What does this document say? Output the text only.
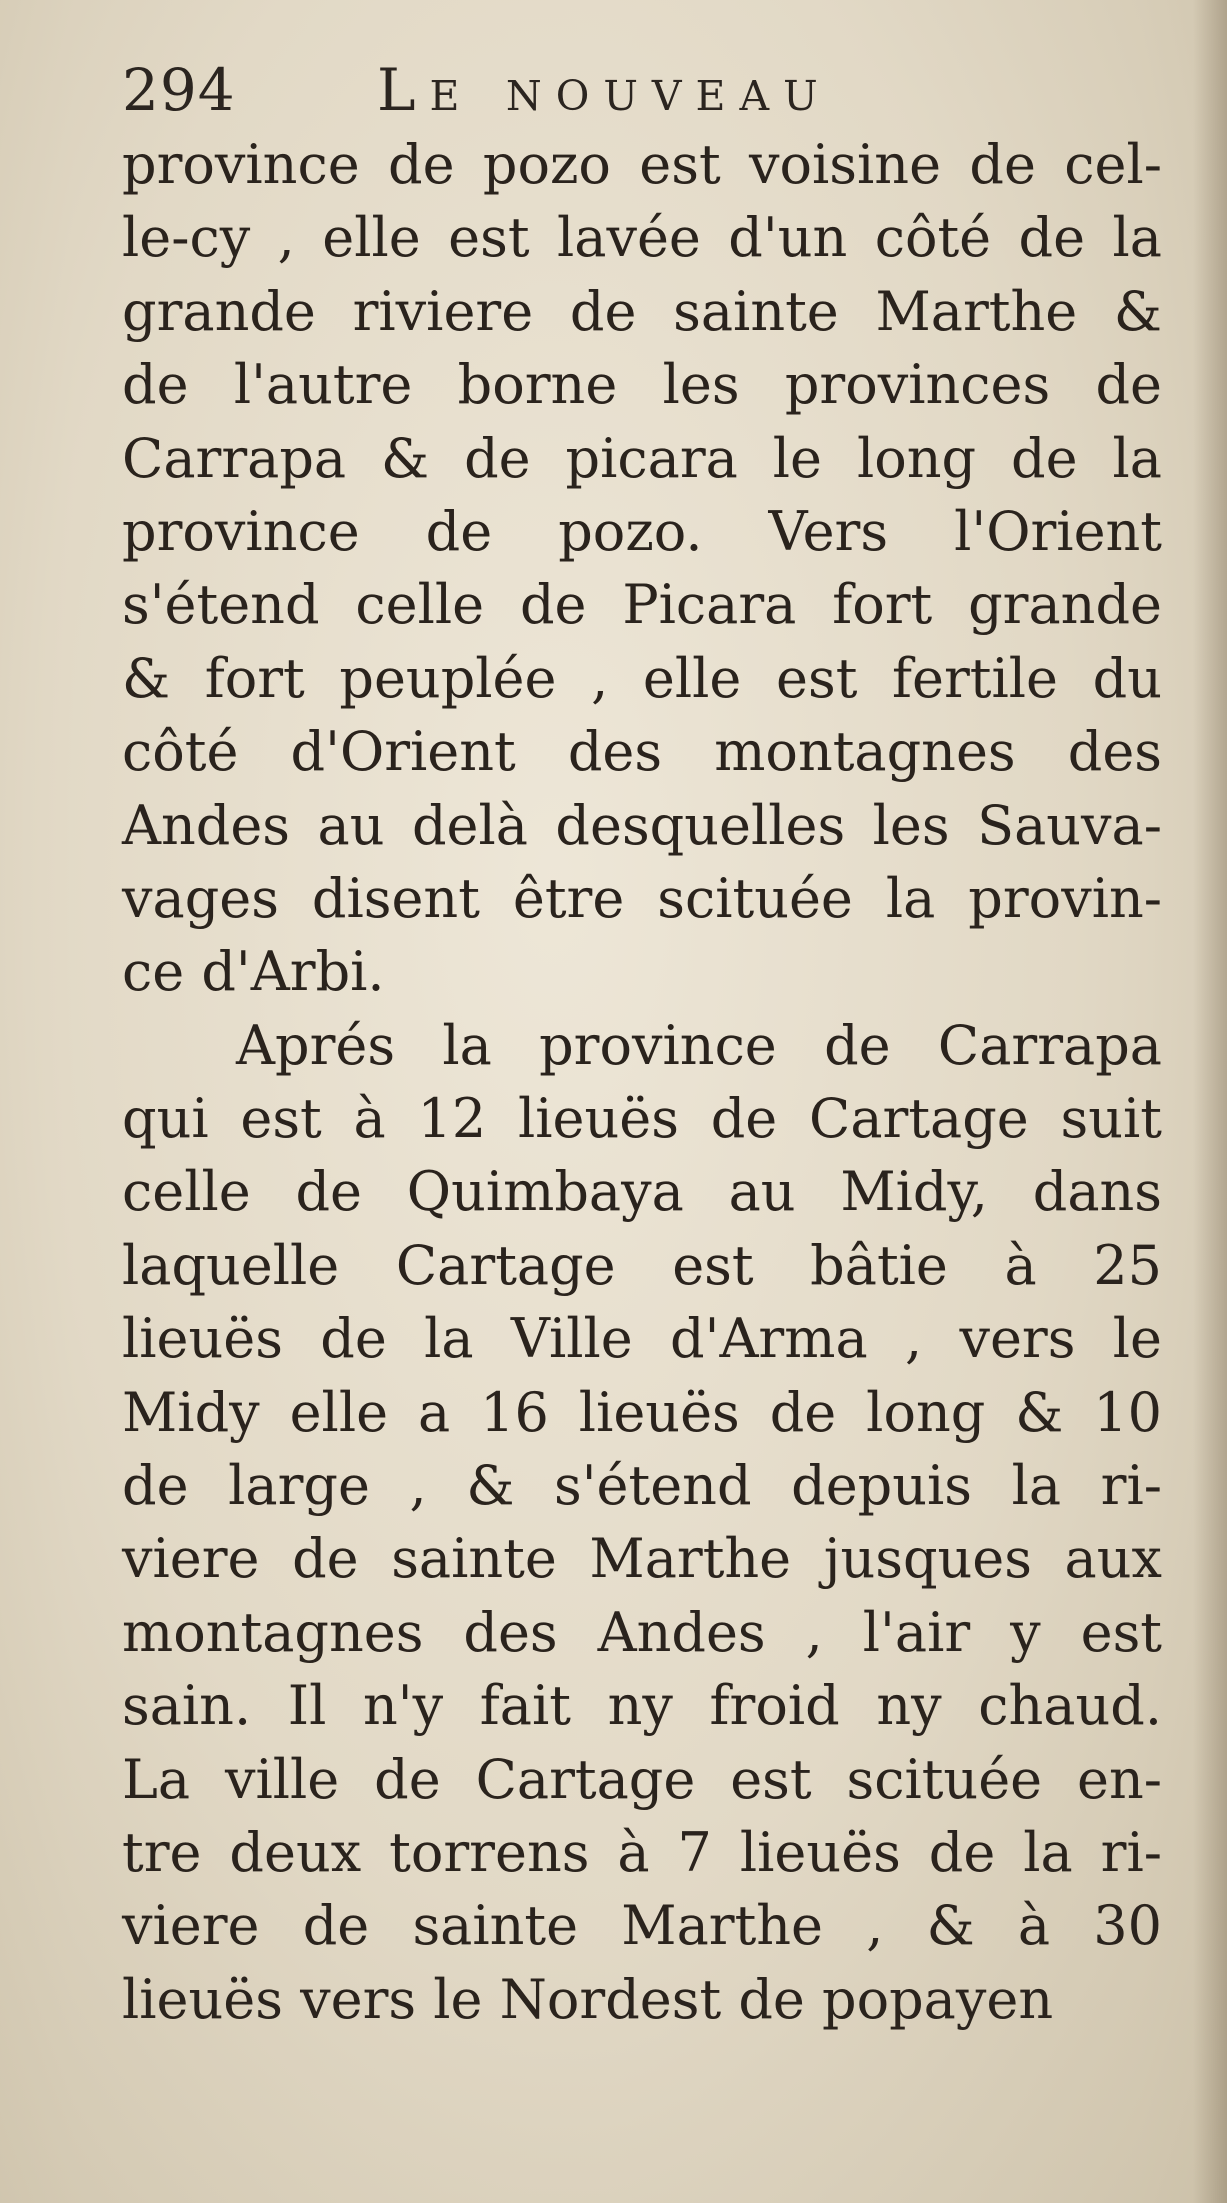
294 Le nouveau
province de pozo est voisine de cel-
le-cy , elle est lavée d'un côté de la
grande riviere de sainte Marthe &
de l'autre borne les provinces de
Carrapa & de picara le long de la
province de pozo. Vers l'Orient
s'étend celle de Picara fort grande
& fort peuplée , elle est fertile du
côté d'Orient des montagnes des
Andes au delà desquelles les Sauva-
vages disent être scituée la provin-
ce d'Arbi.
Aprés la province de Carrapa
qui est à 12 lieuës de Cartage suit
celle de Quimbaya au Midy, dans
laquelle Cartage est bâtie à 25
lieuës de la Ville d'Arma , vers le
Midy elle a 16 lieuës de long & 10
de large , & s'étend depuis la ri-
viere de sainte Marthe jusques aux
montagnes des Andes , l'air y est
sain. Il n'y fait ny froid ny chaud.
La ville de Cartage est scituée en-
tre deux torrens à 7 lieuës de la ri-
viere de sainte Marthe , & à 30
lieuës vers le Nordest de popayen
